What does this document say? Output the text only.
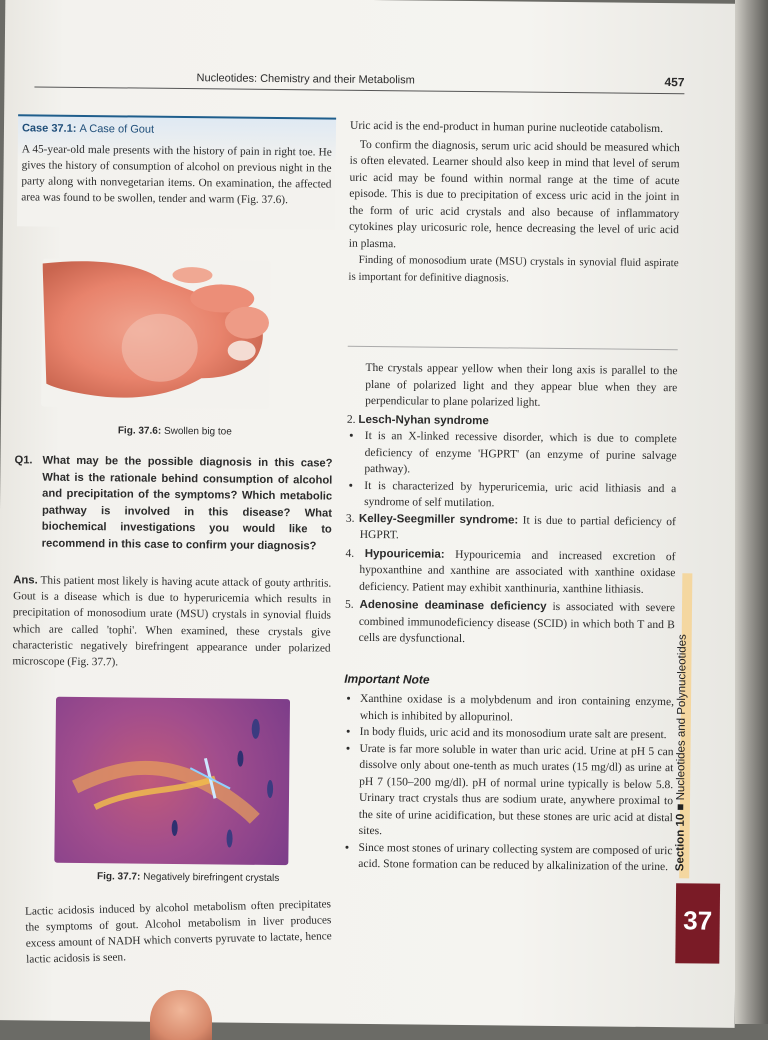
Nucleotides: Chemistry and their Metabolism	457
Case 37.1: A Case of Gout

A 45-year-old male presents with the history of pain in right toe. He gives the history of consumption of alcohol on previous night in the party along with nonvegetarian items. On examination, the affected area was found to be swollen, tender and warm (Fig. 37.6).

Fig. 37.6: Swollen big toe
Q1. What may be the possible diagnosis in this case? What is the rationale behind consumption of alcohol and precipitation of the symptoms? Which metabolic pathway is involved in this disease? What biochemical investigations you would like to recommend in this case to confirm your diagnosis?

Ans. This patient most likely is having acute attack of gouty arthritis. Gout is a disease which is due to hyperuricemia which results in precipitation of monosodium urate (MSU) crystals in synovial fluids which are called 'tophi'. When examined, these crystals give characteristic negatively birefringent appearance under polarized microscope (Fig. 37.7).

Fig. 37.7: Negatively birefringent crystals

Lactic acidosis induced by alcohol metabolism often precipitates the symptoms of gout. Alcohol metabolism in liver produces excess amount of NADH which converts pyruvate to lactate, hence lactic acidosis is seen.

Uric acid is the end-product in human purine nucleotide catabolism.

To confirm the diagnosis, serum uric acid should be measured which is often elevated. Learner should also keep in mind that level of serum uric acid may be found within normal range at the time of acute episode. This is due to precipitation of excess uric acid in the joint in the form of uric acid crystals and also because of inflammatory cytokines play uricosuric role, hence decreasing the level of uric acid in plasma.

Finding of monosodium urate (MSU) crystals in synovial fluid aspirate is important for definitive diagnosis.

The crystals appear yellow when their long axis is parallel to the plane of polarized light and they appear blue when they are perpendicular to plane polarized light.

2. Lesch-Nyhan syndrome
• It is an X-linked recessive disorder, which is due to complete deficiency of enzyme 'HGPRT' (an enzyme of purine salvage pathway).
• It is characterized by hyperuricemia, uric acid lithiasis and a syndrome of self mutilation.
3. Kelley-Seegmiller syndrome: It is due to partial deficiency of HGPRT.
4. Hypouricemia: Hypouricemia and increased excretion of hypoxanthine and xanthine are associated with xanthine oxidase deficiency. Patient may exhibit xanthinuria, xanthine lithiasis.
5. Adenosine deaminase deficiency is associated with severe combined immunodeficiency disease (SCID) in which both T and B cells are dysfunctional.
Important Note
• Xanthine oxidase is a molybdenum and iron containing enzyme, which is inhibited by allopurinol.
• In body fluids, uric acid and its monosodium urate salt are present.
• Urate is far more soluble in water than uric acid. Urine at pH 5 can dissolve only about one-tenth as much urates (15 mg/dl) as urine at pH 7 (150–200 mg/dl). pH of normal urine typically is below 5.8. Urinary tract crystals thus are sodium urate, anywhere proximal to the site of urine acidification, but these stones are uric acid at distal sites.
• Since most stones of urinary collecting system are composed of uric acid. Stone formation can be reduced by alkalinization of the urine. Section 10 ■ Nucleotides and Polynucleotides
37
